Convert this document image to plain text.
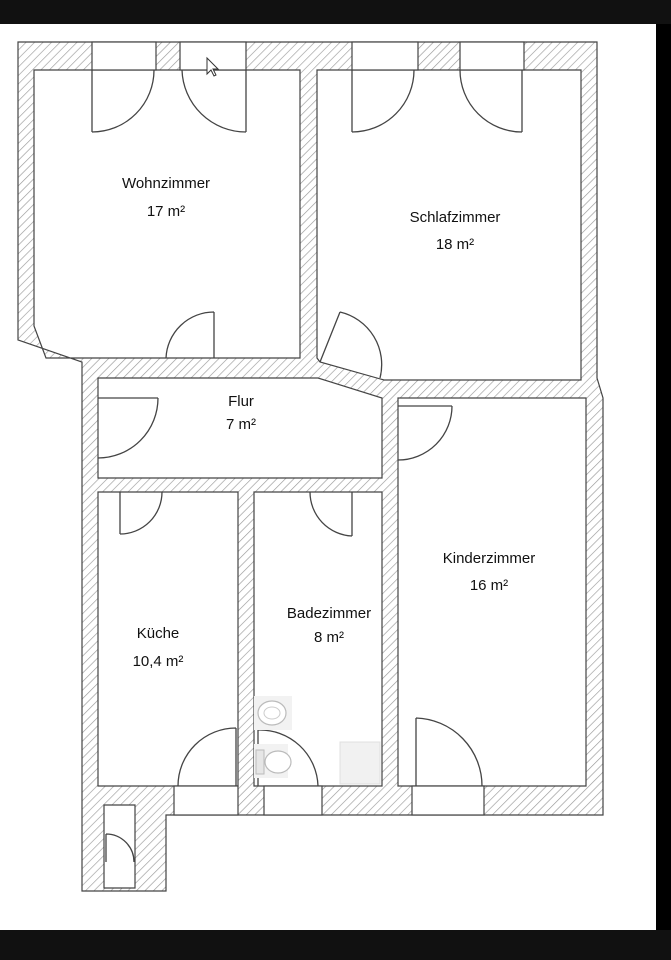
Wohnzimmer
17 m²	Schlafzimmer
18 m²
Flur
7 m²
Kinderzimmer
16 m²
Küche
10,4 m²
Badezimmer
8 m²
